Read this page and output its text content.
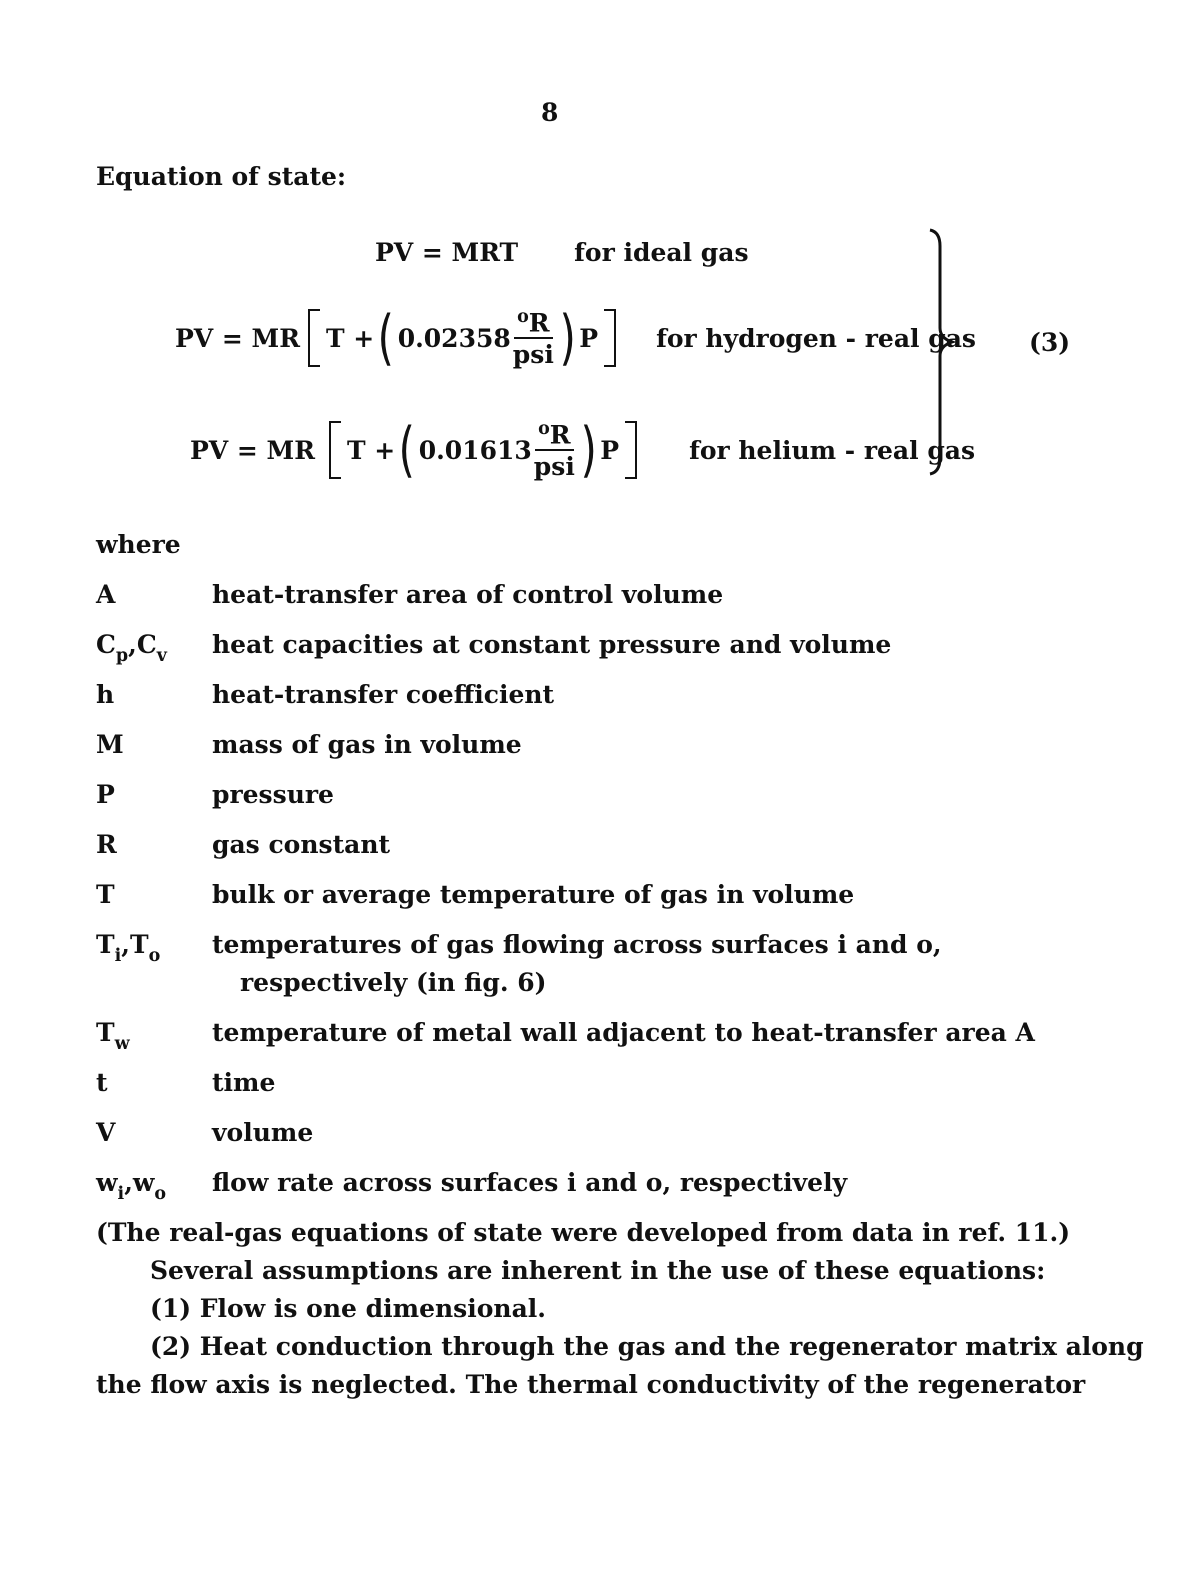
8
Equation of state:
PV = MRT for ideal gas
PV = MR T + ( $0.02358 \frac{^oR}{\text{psi}}$ ) P for hydrogen - real gas
PV = MR T + ( $0.01613 \frac{^oR}{\text{psi}}$ ) P	for helium - real gas
(3)
where
A	heat-transfer area of control volume
$C_p,C_v$ heat capacities at constant pressure and volume
h	heat-transfer coefficient
M	mass of gas in volume
P	pressure
R	gas constant
T	bulk or average temperature of gas in volume
$T_i,T_o$ temperatures of gas flowing across surfaces i and o,
respectively (in fig. 6)
$T_w$	temperature of metal wall adjacent to heat-transfer area A
t	time
V	volume
$w_i,w_o$ flow rate across surfaces i and o, respectively
(The real-gas equations of state were developed from data in ref. 11.)
Several assumptions are inherent in the use of these equations:
(1) Flow is one dimensional.
(2) Heat conduction through the gas and the regenerator matrix along
the flow axis is neglected. The thermal conductivity of the regenerator
